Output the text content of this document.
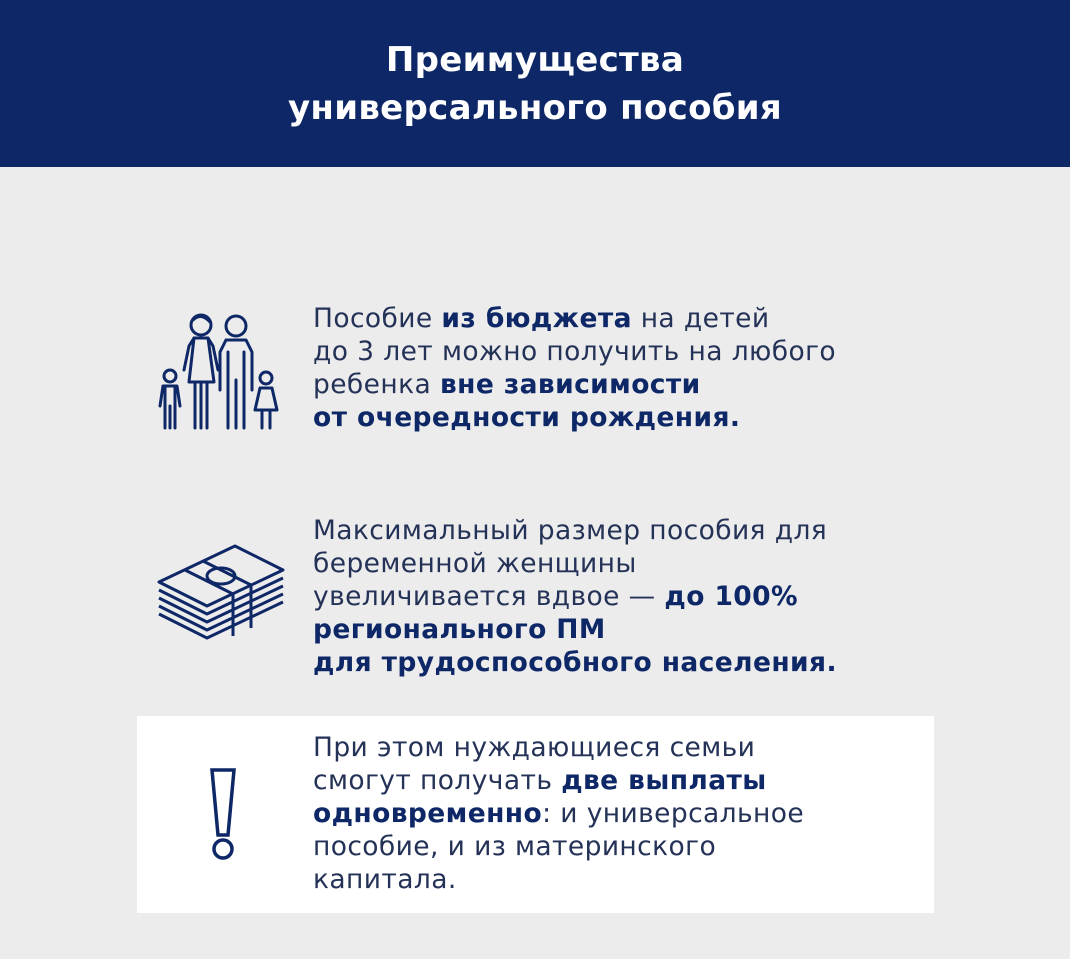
Преимущества
универсального пособия
Пособие из бюджета на детей
до 3 лет можно получить на любого
ребенка вне зависимости
от очередности рождения.
Максимальный размер пособия для
беременной женщины
увеличивается вдвое — до 100%
регионального ПМ
для трудоспособного населения.
При этом нуждающиеся семьи
смогут получать две выплаты
одновременно: и универсальное
пособие, и из материнского
капитала.
